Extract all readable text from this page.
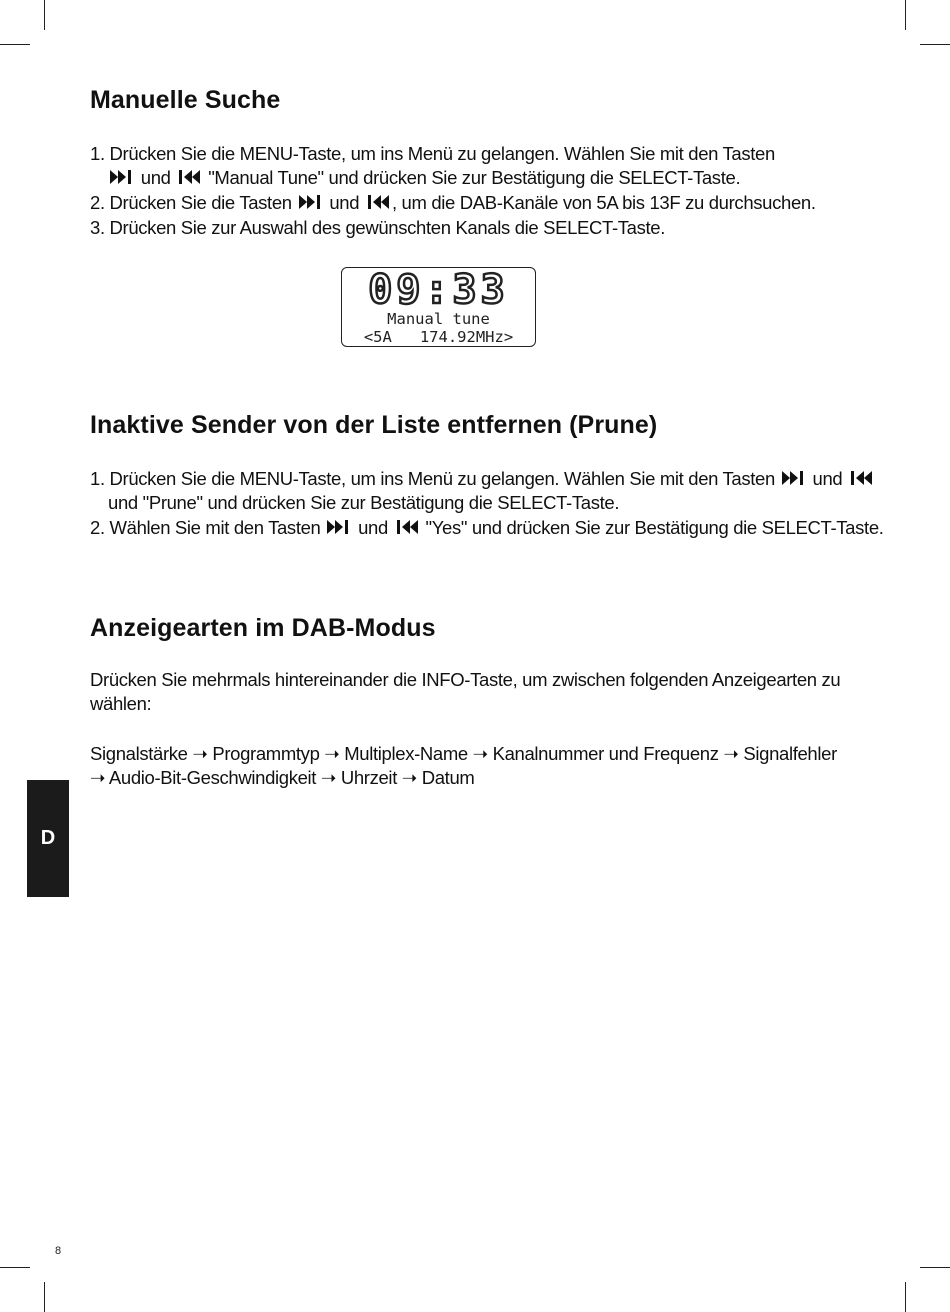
Manuelle Suche

1. Drücken Sie die MENU-Taste, um ins Menü zu gelangen. Wählen Sie mit den Tasten

und "Manual Tune" und drücken Sie zur Bestätigung die SELECT-Taste.

2. Drücken Sie die Tasten und , um die DAB-Kanäle von 5A bis 13F zu durchsuchen.

3. Drücken Sie zur Auswahl des gewünschten Kanals die SELECT-Taste.

09:33
Manual tune
<5A   174.92MHz>
Inaktive Sender von der Liste entfernen (Prune)

1. Drücken Sie die MENU-Taste, um ins Menü zu gelangen. Wählen Sie mit den Tasten und

und "Prune" und drücken Sie zur Bestätigung die SELECT-Taste.

2. Wählen Sie mit den Tasten und "Yes" und drücken Sie zur Bestätigung die SELECT-Taste.

Anzeigearten im DAB-Modus

Drücken Sie mehrmals hintereinander die INFO-Taste, um zwischen folgenden Anzeigearten zu

wählen:

Signalstärke ➝ Programmtyp ➝ Multiplex-Name ➝ Kanalnummer und Frequenz ➝ Signalfehler

➝ Audio-Bit-Geschwindigkeit ➝ Uhrzeit ➝ Datum

D
8
